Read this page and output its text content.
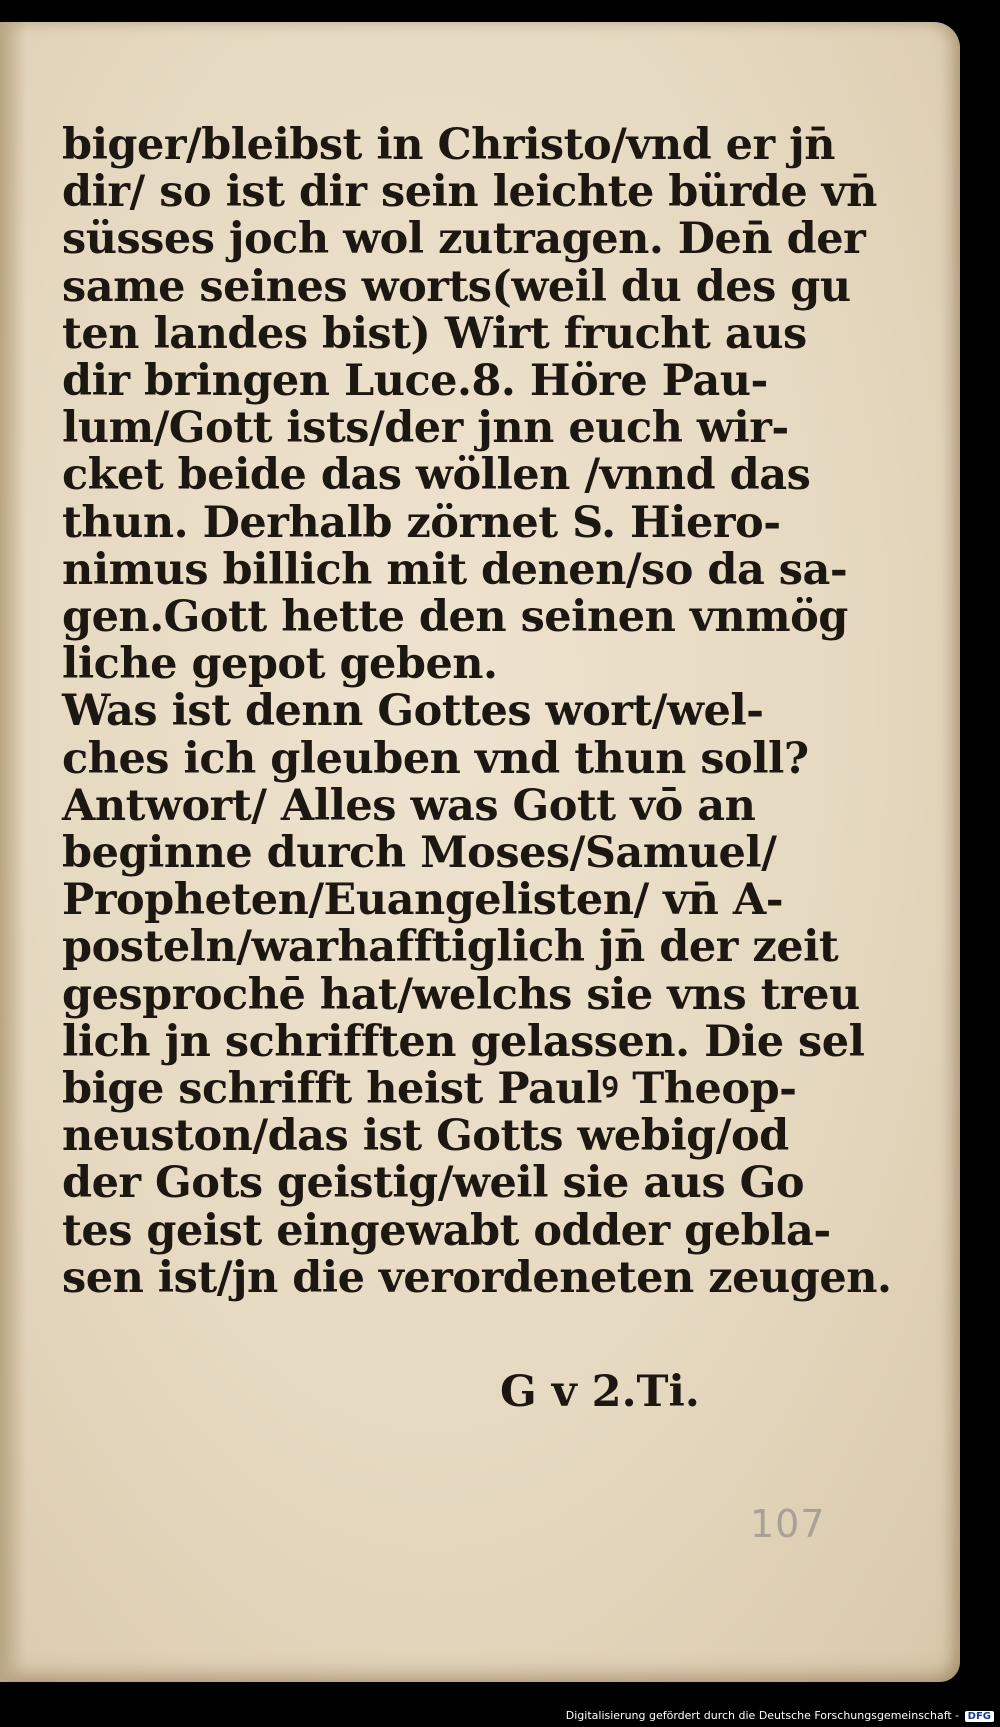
biger/bleibst in Christo/vnd er jn̄
dir/ so ist dir sein leichte bürde vn̄
süsses joch wol zutragen. Den̄ der
same seines worts(weil du des gu
ten landes bist) Wirt frucht aus
dir bringen Luce.8. Höre Pau-
lum/Gott ists/der jnn euch wir-
cket beide das wöllen /vnnd das
thun. Derhalb zörnet S. Hiero-
nimus billich mit denen/so da sa-
gen.Gott hette den seinen vnmög
liche gepot geben.
Was ist denn Gottes wort/wel-
ches ich gleuben vnd thun soll?
Antwort/ Alles was Gott vō an
beginne durch Moses/Samuel/
Propheten/Euangelisten/ vn̄ A-
posteln/warhafftiglich jn̄ der zeit
gesprochē hat/welchs sie vns treu
lich jn schrifften gelassen. Die sel
bige schrifft heist Paulꝰ Theop-
neuston/das ist Gotts webig/od
der Gots geistig/weil sie aus Go
tes geist eingewabt odder gebla-
sen ist/jn die verordeneten zeugen.
G v 2.Ti.
107
Digitalisierung gefördert durch die Deutsche Forschungsgemeinschaft - DFG
